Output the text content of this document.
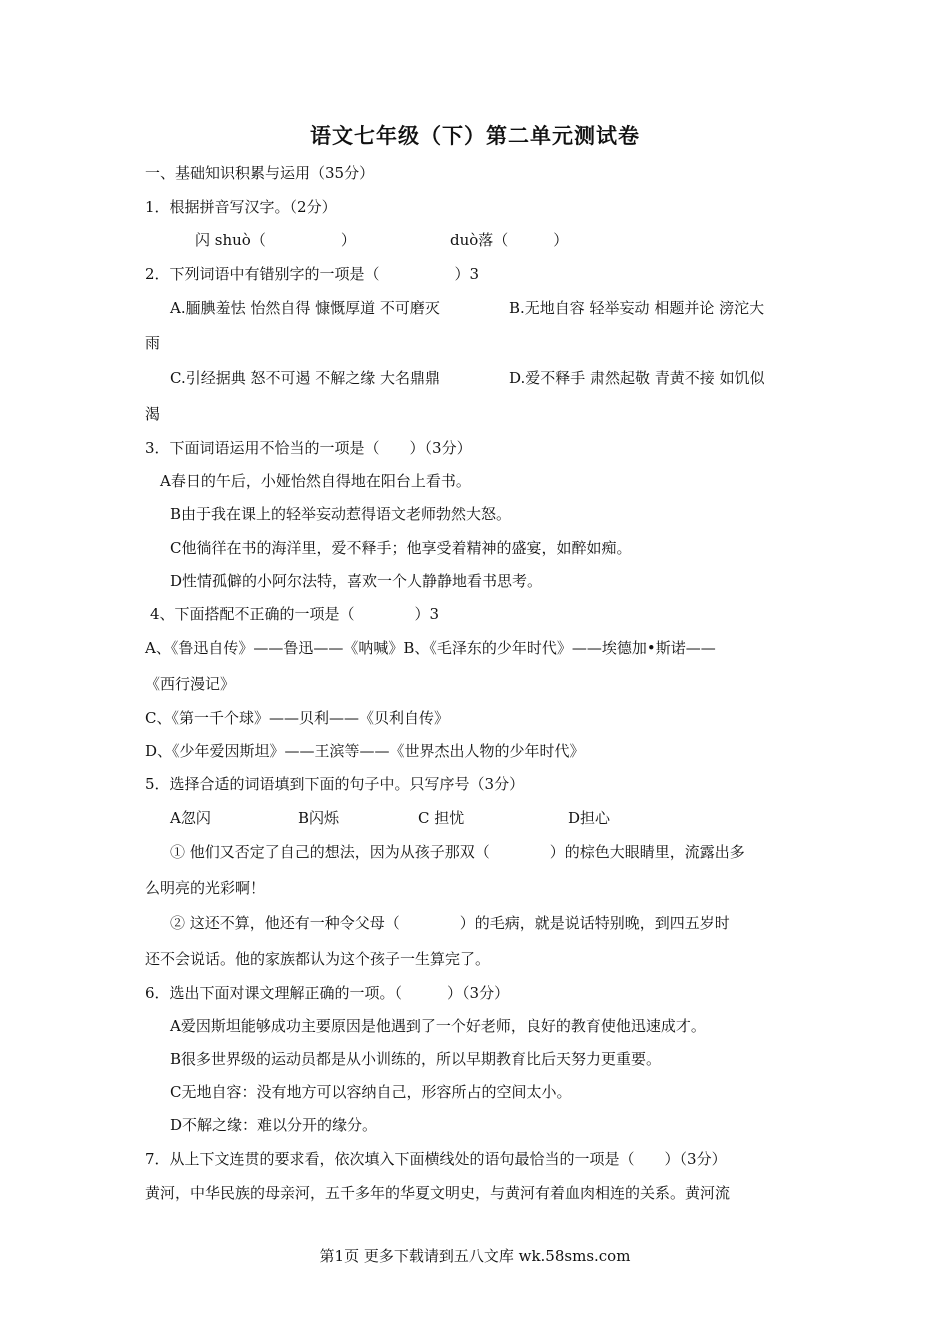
语文七年级（下）第二单元测试卷
一、基础知识积累与运用（35分）
1．根据拼音写汉字。（2分）
闪 shuò（　　　　　）	duò落（　　　）
2．下列词语中有错别字的一项是（　　　　　）3
A.腼腆羞怯 怡然自得 慷慨厚道 不可磨灭	B.无地自容 轻举妄动 相题并论 滂沱大
雨
C.引经据典 怒不可遏 不解之缘 大名鼎鼎	D.爱不释手 肃然起敬 青黄不接 如饥似
渴
3．下面词语运用不恰当的一项是（　　）（3分）
A春日的午后，小娅怡然自得地在阳台上看书。
B由于我在课上的轻举妄动惹得语文老师勃然大怒。
C他徜徉在书的海洋里，爱不释手；他享受着精神的盛宴，如醉如痴。
D性情孤僻的小阿尔法特，喜欢一个人静静地看书思考。
4、下面搭配不正确的一项是（　　　　）3
A、《鲁迅自传》——鲁迅——《呐喊》B、《毛泽东的少年时代》——埃德加•斯诺——
《西行漫记》
C、《第一千个球》——贝利——《贝利自传》
D、《少年爱因斯坦》——王滨等——《世界杰出人物的少年时代》
5．选择合适的词语填到下面的句子中。只写序号（3分）
A忽闪	B闪烁	C 担忧	D担心
① 他们又否定了自己的想法，因为从孩子那双（　　　　）的棕色大眼睛里，流露出多
么明亮的光彩啊！
② 这还不算，他还有一种令父母（　　　　）的毛病，就是说话特别晚，到四五岁时
还不会说话。他的家族都认为这个孩子一生算完了。
6．选出下面对课文理解正确的一项。（　　　）（3分）
A爱因斯坦能够成功主要原因是他遇到了一个好老师，良好的教育使他迅速成才。
B很多世界级的运动员都是从小训练的，所以早期教育比后天努力更重要。
C无地自容：没有地方可以容纳自己，形容所占的空间太小。
D不解之缘：难以分开的缘分。
7．从上下文连贯的要求看，依次填入下面横线处的语句最恰当的一项是（　　）（3分）
黄河，中华民族的母亲河，五千多年的华夏文明史，与黄河有着血肉相连的关系。黄河流
第1页 更多下载请到五八文库 wk.58sms.com
